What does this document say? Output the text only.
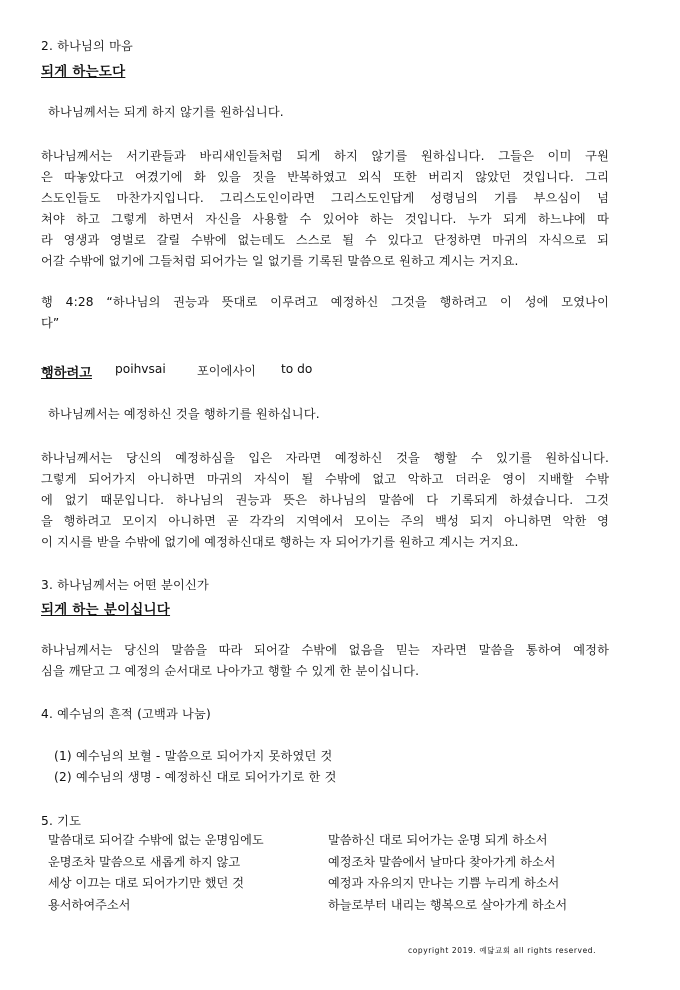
2. 하나님의 마음
되게 하는도다
하나님께서는 되게 하지 않기를 원하십니다.
하나님께서는 서기관들과 바리새인들처럼 되게 하지 않기를 원하십니다. 그들은 이미 구원
은 따놓았다고 여겼기에 화 있을 짓을 반복하였고 외식 또한 버리지 않았던 것입니다. 그리
스도인들도 마찬가지입니다. 그리스도인이라면 그리스도인답게 성령님의 기름 부으심이 넘
쳐야 하고 그렇게 하면서 자신을 사용할 수 있어야 하는 것입니다. 누가 되게 하느냐에 따
라 영생과 영벌로 갈릴 수밖에 없는데도 스스로 될 수 있다고 단정하면 마귀의 자식으로 되
어갈 수밖에 없기에 그들처럼 되어가는 일 없기를 기록된 말씀으로 원하고 계시는 거지요.
행 4:28 “하나님의 권능과 뜻대로 이루려고 예정하신 그것을 행하려고 이 성에 모였나이
다”
행하려고 poihvsai	포이에사이 to do
하나님께서는 예정하신 것을 행하기를 원하십니다.
하나님께서는 당신의 예정하심을 입은 자라면 예정하신 것을 행할 수 있기를 원하십니다.
그렇게 되어가지 아니하면 마귀의 자식이 될 수밖에 없고 악하고 더러운 영이 지배할 수밖
에 없기 때문입니다. 하나님의 권능과 뜻은 하나님의 말씀에 다 기록되게 하셨습니다. 그것
을 행하려고 모이지 아니하면 곧 각각의 지역에서 모이는 주의 백성 되지 아니하면 악한 영
이 지시를 받을 수밖에 없기에 예정하신대로 행하는 자 되어가기를 원하고 계시는 거지요.
3. 하나님께서는 어떤 분이신가
되게 하는 분이십니다
하나님께서는 당신의 말씀을 따라 되어갈 수밖에 없음을 믿는 자라면 말씀을 통하여 예정하
심을 깨닫고 그 예정의 순서대로 나아가고 행할 수 있게 한 분이십니다.
4. 예수님의 흔적 (고백과 나눔)
(1) 예수님의 보혈 - 말씀으로 되어가지 못하였던 것
(2) 예수님의 생명 - 예정하신 대로 되어가기로 한 것
5. 기도
말씀대로 되어갈 수밖에 없는 운명임에도
운명조차 말씀으로 새롭게 하지 않고
세상 이끄는 대로 되어가기만 했던 것
용서하여주소서
말씀하신 대로 되어가는 운명 되게 하소서
예정조차 말씀에서 날마다 찾아가게 하소서
예정과 자유의지 만나는 기쁨 누리게 하소서
하늘로부터 내리는 행복으로 살아가게 하소서
copyright 2019. 예닮교회 all rights reserved.
